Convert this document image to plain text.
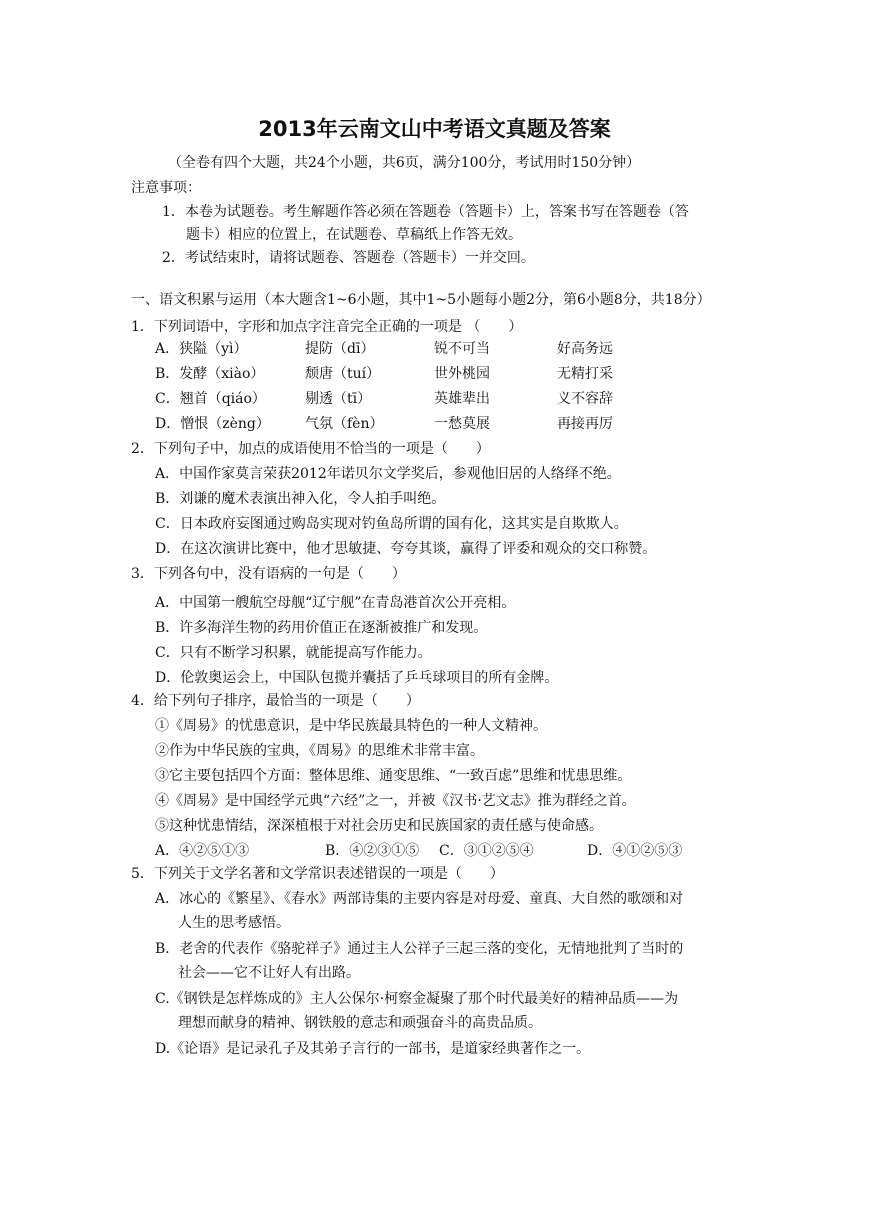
2013年云南文山中考语文真题及答案
（全卷有四个大题，共24个小题，共6页，满分100分，考试用时150分钟）
注意事项：
1．本卷为试题卷。考生解题作答必须在答题卷（答题卡）上，答案书写在答题卷（答
题卡）相应的位置上，在试题卷、草稿纸上作答无效。
2．考试结束时，请将试题卷、答题卷（答题卡）一并交回。
一、语文积累与运用（本大题含1~6小题，其中1~5小题每小题2分，第6小题8分，共18分）
1．下列词语中，字形和加点字注音完全正确的一项是 （　　）
A．狭隘（yì）	提防（dī）	锐不可当	好高务远
B．发酵（xiào）	颓唐（tuí）	世外桃园	无精打采
C．翘首（qiáo）	剔透（tī）	英雄辈出	义不容辞
D．憎恨（zèng）	气氛（fèn）	一愁莫展	再接再厉
2．下列句子中，加点的成语使用不恰当的一项是（　　）
A．中国作家莫言荣获2012年诺贝尔文学奖后，参观他旧居的人络绎不绝。
B．刘谦的魔术表演出神入化，令人拍手叫绝。
C．日本政府妄图通过购岛实现对钓鱼岛所谓的国有化，这其实是自欺欺人。
D．在这次演讲比赛中，他才思敏捷、夸夸其谈，赢得了评委和观众的交口称赞。
3．下列各句中，没有语病的一句是（　　）
A．中国第一艘航空母舰“辽宁舰”在青岛港首次公开亮相。
B．许多海洋生物的药用价值正在逐渐被推广和发现。
C．只有不断学习积累，就能提高写作能力。
D．伦敦奥运会上，中国队包揽并囊括了乒乓球项目的所有金牌。
4．给下列句子排序，最恰当的一项是（　　）
①《周易》的忧患意识，是中华民族最具特色的一种人文精神。
②作为中华民族的宝典，《周易》的思维术非常丰富。
③它主要包括四个方面：整体思维、通变思维、“一致百虑”思维和忧患思维。
④《周易》是中国经学元典“六经”之一，并被《汉书·艺文志》推为群经之首。
⑤这种忧患情结，深深植根于对社会历史和民族国家的责任感与使命感。
A．④②⑤①③	B．④②③①⑤ C．③①②⑤④	D．④①②⑤③
5．下列关于文学名著和文学常识表述错误的一项是（　　）
A．冰心的《繁星》、《春水》两部诗集的主要内容是对母爱、童真、大自然的歌颂和对
人生的思考感悟。
B．老舍的代表作《骆驼祥子》通过主人公祥子三起三落的变化，无情地批判了当时的
社会——它不让好人有出路。
C.《钢铁是怎样炼成的》主人公保尔·柯察金凝聚了那个时代最美好的精神品质——为
理想而献身的精神、钢铁般的意志和顽强奋斗的高贵品质。
D.《论语》是记录孔子及其弟子言行的一部书，是道家经典著作之一。
